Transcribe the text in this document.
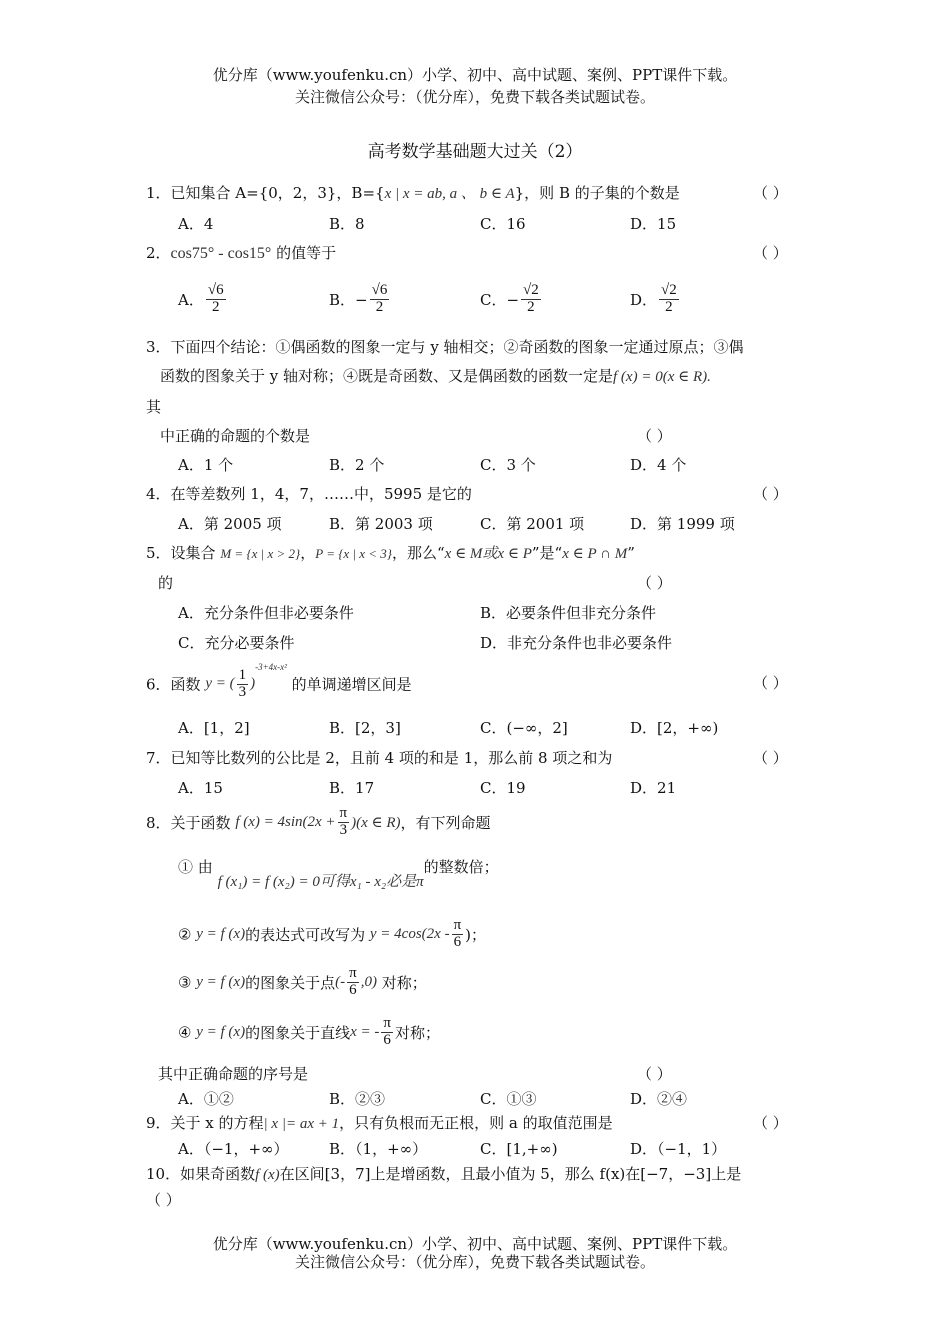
优分库（www.youfenku.cn）小学、初中、高中试题、案例、PPT课件下载。
关注微信公众号：（优分库），免费下载各类试题试卷。
高考数学基础题大过关（2）
1．已知集合 A={0，2，3}，B={x | x = ab, a 、 b ∈ A}，则 B 的子集的个数是	（ ）
A．4	B．8	C．16	D．15
2．cos75° - cos15° 的值等于	（ ）
A． $\frac{√6}{2}$	B．− $\frac{√6}{2}$	C．− $\frac{√2}{2}$	D． $\frac{√2}{2}$
3．下面四个结论：①偶函数的图象一定与 y 轴相交；②奇函数的图象一定通过原点；③偶
函数的图象关于 y 轴对称；④既是奇函数、又是偶函数的函数一定是f (x) = 0(x ∈ R).
其
中正确的命题的个数是	（ ）
A．1 个	B．2 个	C．3 个	D．4 个
4．在等差数列 1，4，7，……中，5995 是它的	（ ）
A．第 2005 项	B．第 2003 项	C．第 2001 项	D．第 1999 项
5．设集合 M = {x | x > 2}，P = {x | x < 3}，那么“x ∈ M或x ∈ P”是“x ∈ P ∩ M”
的	（ ）
A．充分条件但非必要条件	B．必要条件但非充分条件
C．充分必要条件	D．非充分条件也非必要条件
6．函数 y = ( $\frac{1}{3} )^{-3+4x-x^2}$ 的单调递增区间是	（ ）
A．[1，2]	B．[2，3]	C．(−∞，2]	D．[2，+∞)
7．已知等比数列的公比是 2，且前 4 项的和是 1，那么前 8 项之和为	（ ）
A．15	B．17	C．19	D．21
8．关于函数 f $(x) = 4\sin(2x + \frac{\pi}{3} )(x$ ∈ R)，有下列命题
① 由 f (x₁) = f (x₂) = 0可得x₁ - x₂必是π的整数倍；
② y = f (x)的表达式可改写为 $y = 4\cos(2x - \frac{\pi}{6}$ )；
③ y = f (x)的图象关于点(- $\frac{\pi}{6} ,0$) 对称；
④ y = f (x)的图象关于直线x = - $\frac{\pi}{6}$ 对称；
其中正确命题的序号是	（ ）
A．①②	B．②③	C．①③	D．②④
9．关于 x 的方程| x |= ax + 1，只有负根而无正根，则 a 的取值范围是	（ ）
A．（−1，+∞）	B．（1，+∞）	C．[1,+∞)	D．（−1，1）
10．如果奇函数f (x)在区间[3，7]上是增函数，且最小值为 5，那么 f(x)在[−7，−3]上是
（ ）
优分库（www.youfenku.cn）小学、初中、高中试题、案例、PPT课件下载。
关注微信公众号：（优分库），免费下载各类试题试卷。
